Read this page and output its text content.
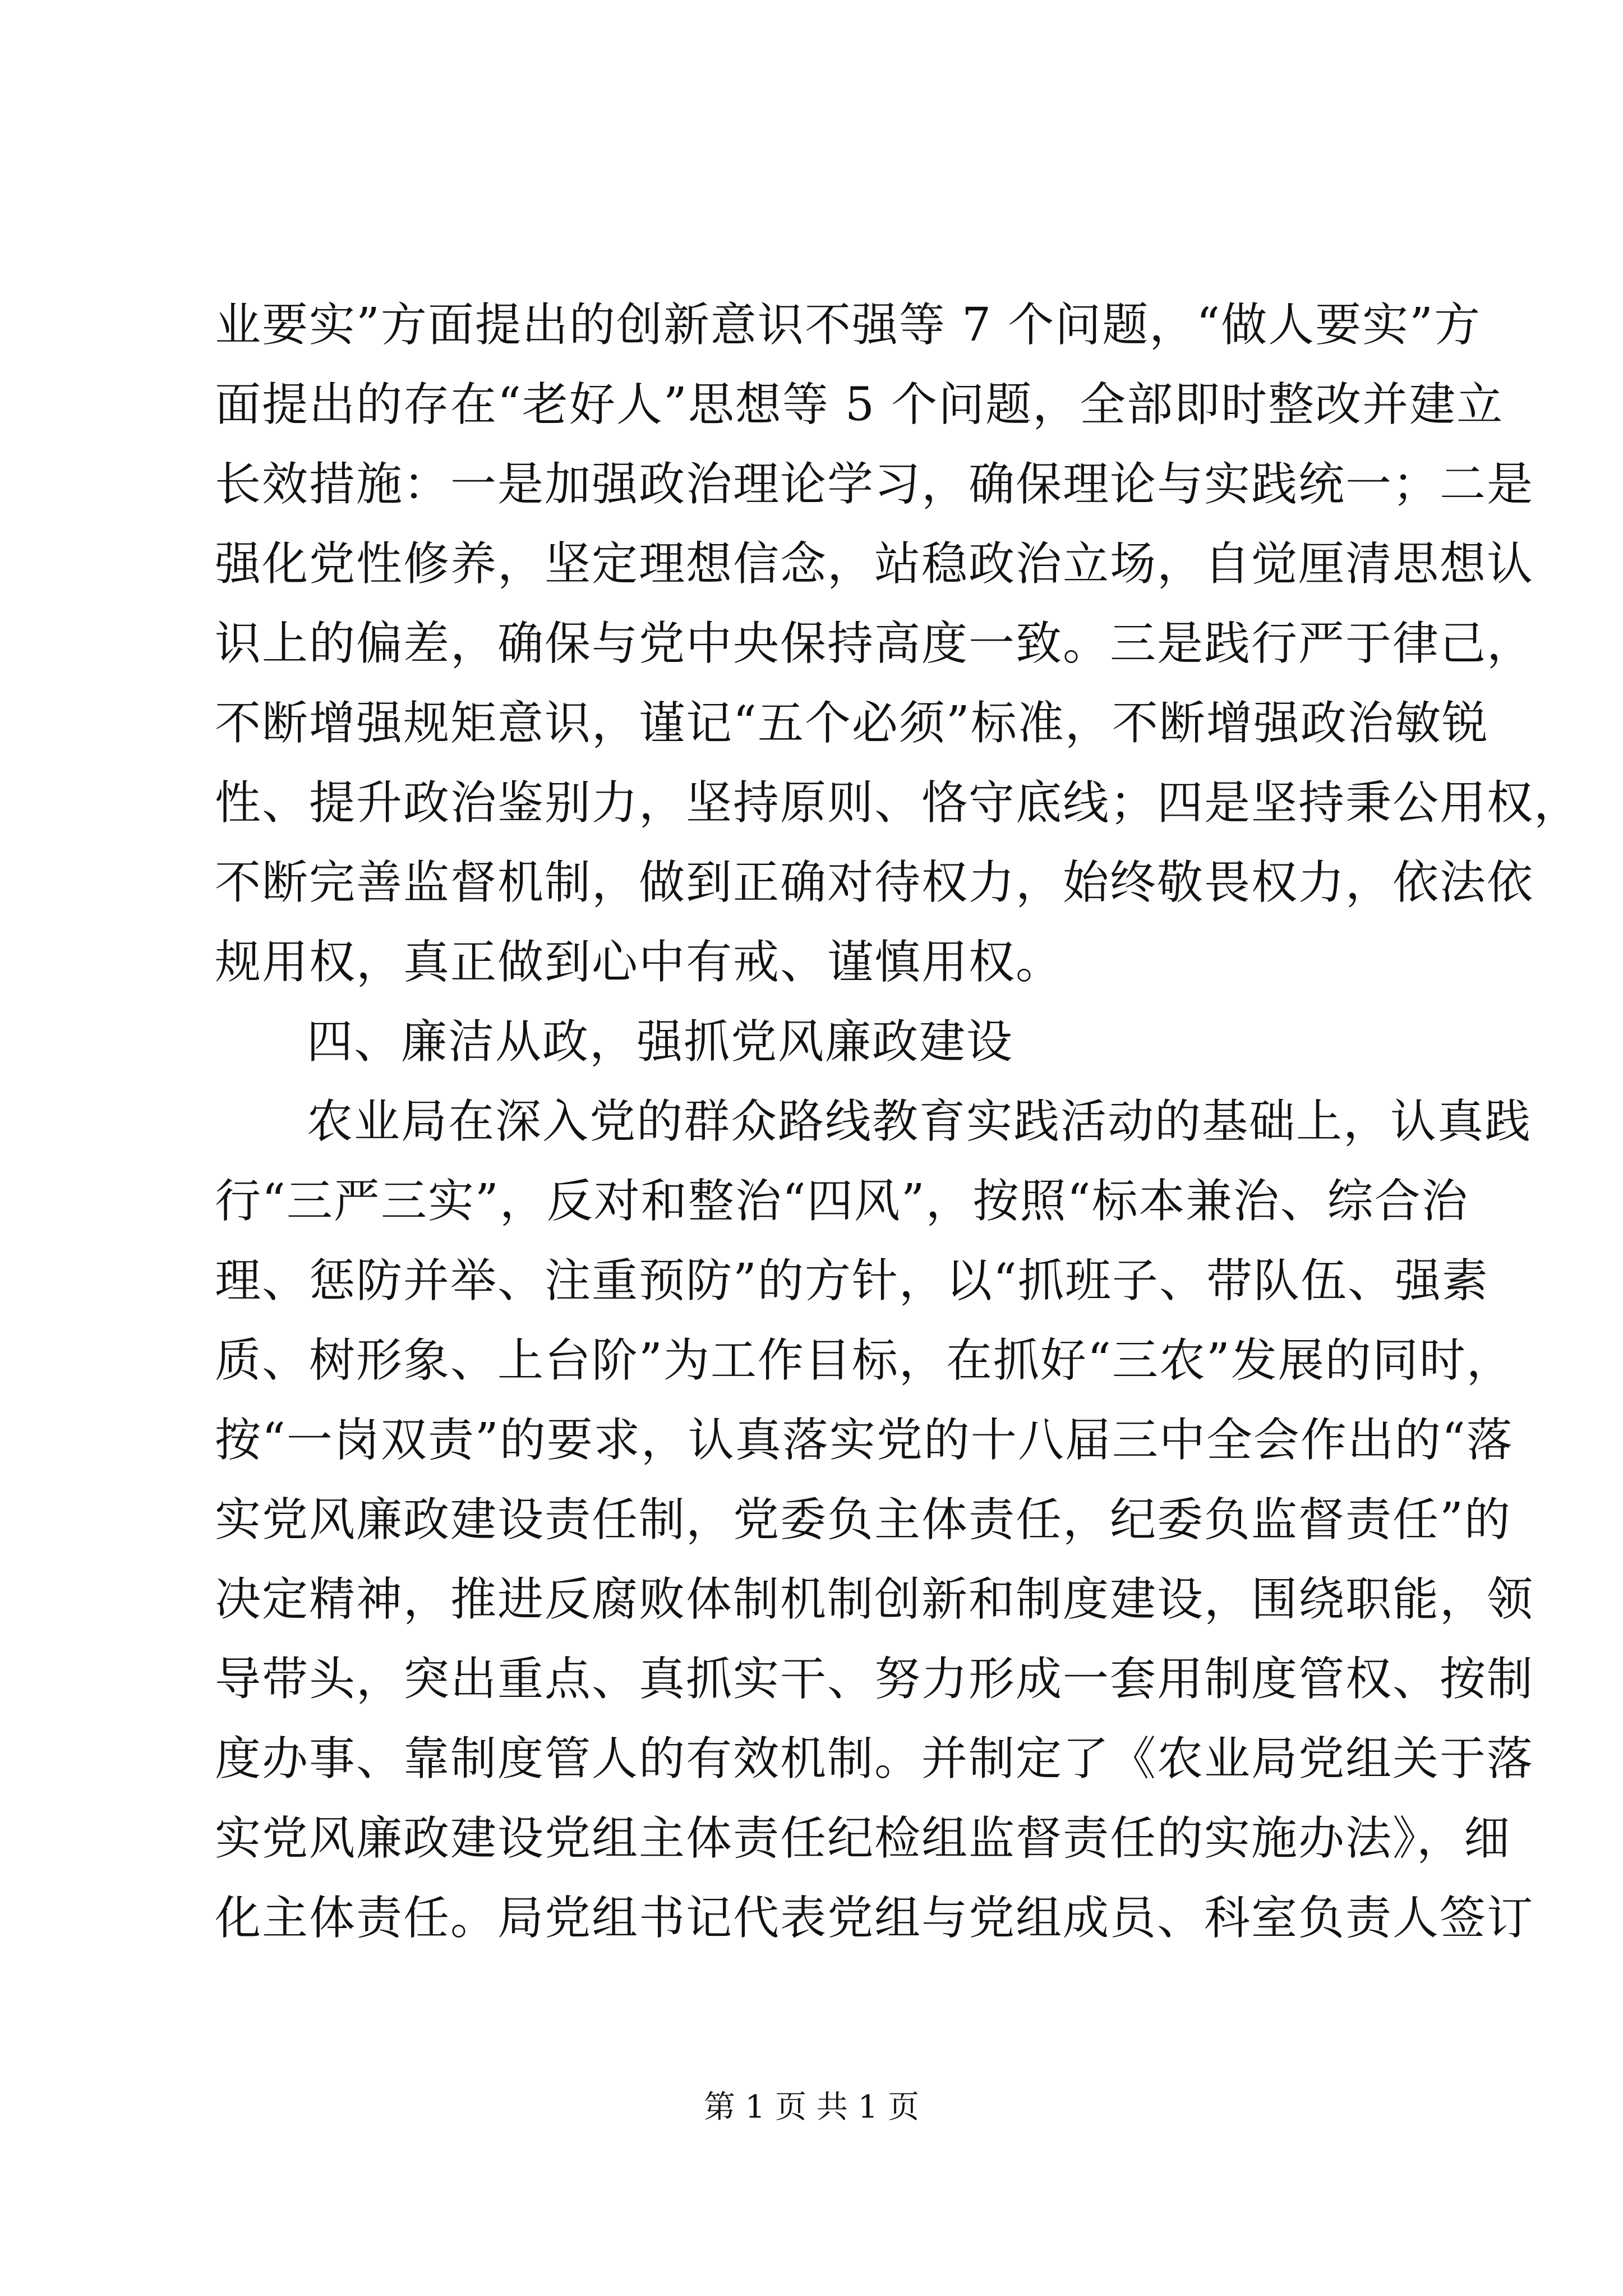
业要实”方面提出的创新意识不强等 7 个问题，“做人要实”方
面提出的存在“老好人”思想等 5 个问题，全部即时整改并建立
长效措施：一是加强政治理论学习，确保理论与实践统一；二是
强化党性修养，坚定理想信念，站稳政治立场，自觉厘清思想认
识上的偏差，确保与党中央保持高度一致。三是践行严于律己，
不断增强规矩意识，谨记“五个必须”标准，不断增强政治敏锐
性、提升政治鉴别力，坚持原则、恪守底线；四是坚持秉公用权，
不断完善监督机制，做到正确对待权力，始终敬畏权力，依法依
规用权，真正做到心中有戒、谨慎用权。
四、廉洁从政，强抓党风廉政建设
农业局在深入党的群众路线教育实践活动的基础上，认真践
行“三严三实”，反对和整治“四风”，按照“标本兼治、综合治
理、惩防并举、注重预防”的方针，以“抓班子、带队伍、强素
质、树形象、上台阶”为工作目标，在抓好“三农”发展的同时，
按“一岗双责”的要求，认真落实党的十八届三中全会作出的“落
实党风廉政建设责任制，党委负主体责任，纪委负监督责任”的
决定精神，推进反腐败体制机制创新和制度建设，围绕职能，领
导带头，突出重点、真抓实干、努力形成一套用制度管权、按制
度办事、靠制度管人的有效机制。并制定了《农业局党组关于落
实党风廉政建设党组主体责任纪检组监督责任的实施办法》，细
化主体责任。局党组书记代表党组与党组成员、科室负责人签订
第 1 页 共 1 页
